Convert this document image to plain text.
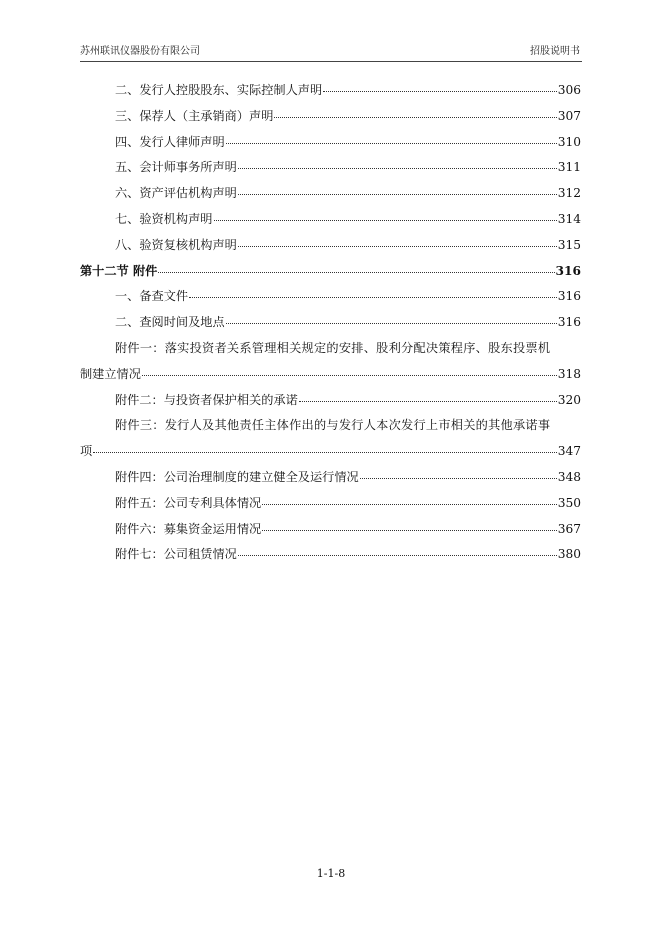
苏州联讯仪器股份有限公司	招股说明书
二、发行人控股股东、实际控制人声明	306
三、保荐人（主承销商）声明	307
四、发行人律师声明	310
五、会计师事务所声明	311
六、资产评估机构声明	312
七、验资机构声明	314
八、验资复核机构声明	315
第十二节 附件	316
一、备查文件	316
二、查阅时间及地点	316
附件一：落实投资者关系管理相关规定的安排、股利分配决策程序、股东投票机
制建立情况	318
附件二：与投资者保护相关的承诺	320
附件三：发行人及其他责任主体作出的与发行人本次发行上市相关的其他承诺事
项	347
附件四：公司治理制度的建立健全及运行情况	348
附件五：公司专利具体情况	350
附件六：募集资金运用情况	367
附件七：公司租赁情况	380
1-1-8
